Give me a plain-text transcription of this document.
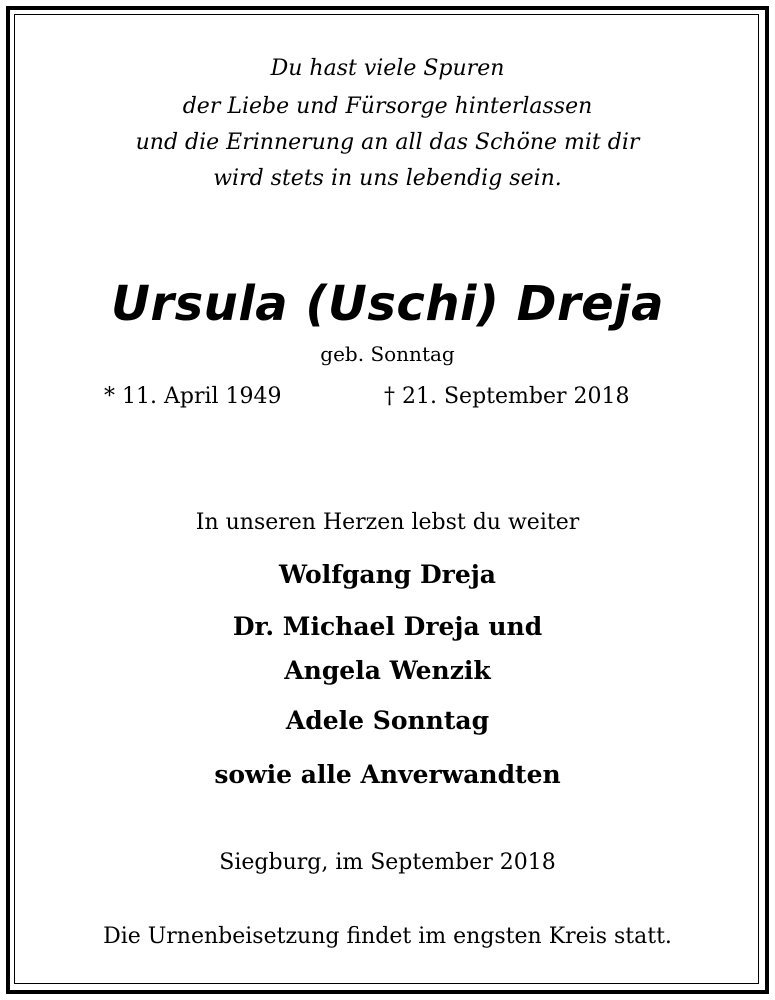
Du hast viele Spuren
der Liebe und Fürsorge hinterlassen
und die Erinnerung an all das Schöne mit dir
wird stets in uns lebendig sein.
Ursula (Uschi) Dreja
geb. Sonntag
* 11. April 1949	† 21. September 2018
In unseren Herzen lebst du weiter
Wolfgang Dreja
Dr. Michael Dreja und
Angela Wenzik
Adele Sonntag
sowie alle Anverwandten
Siegburg, im September 2018
Die Urnenbeisetzung findet im engsten Kreis statt.
